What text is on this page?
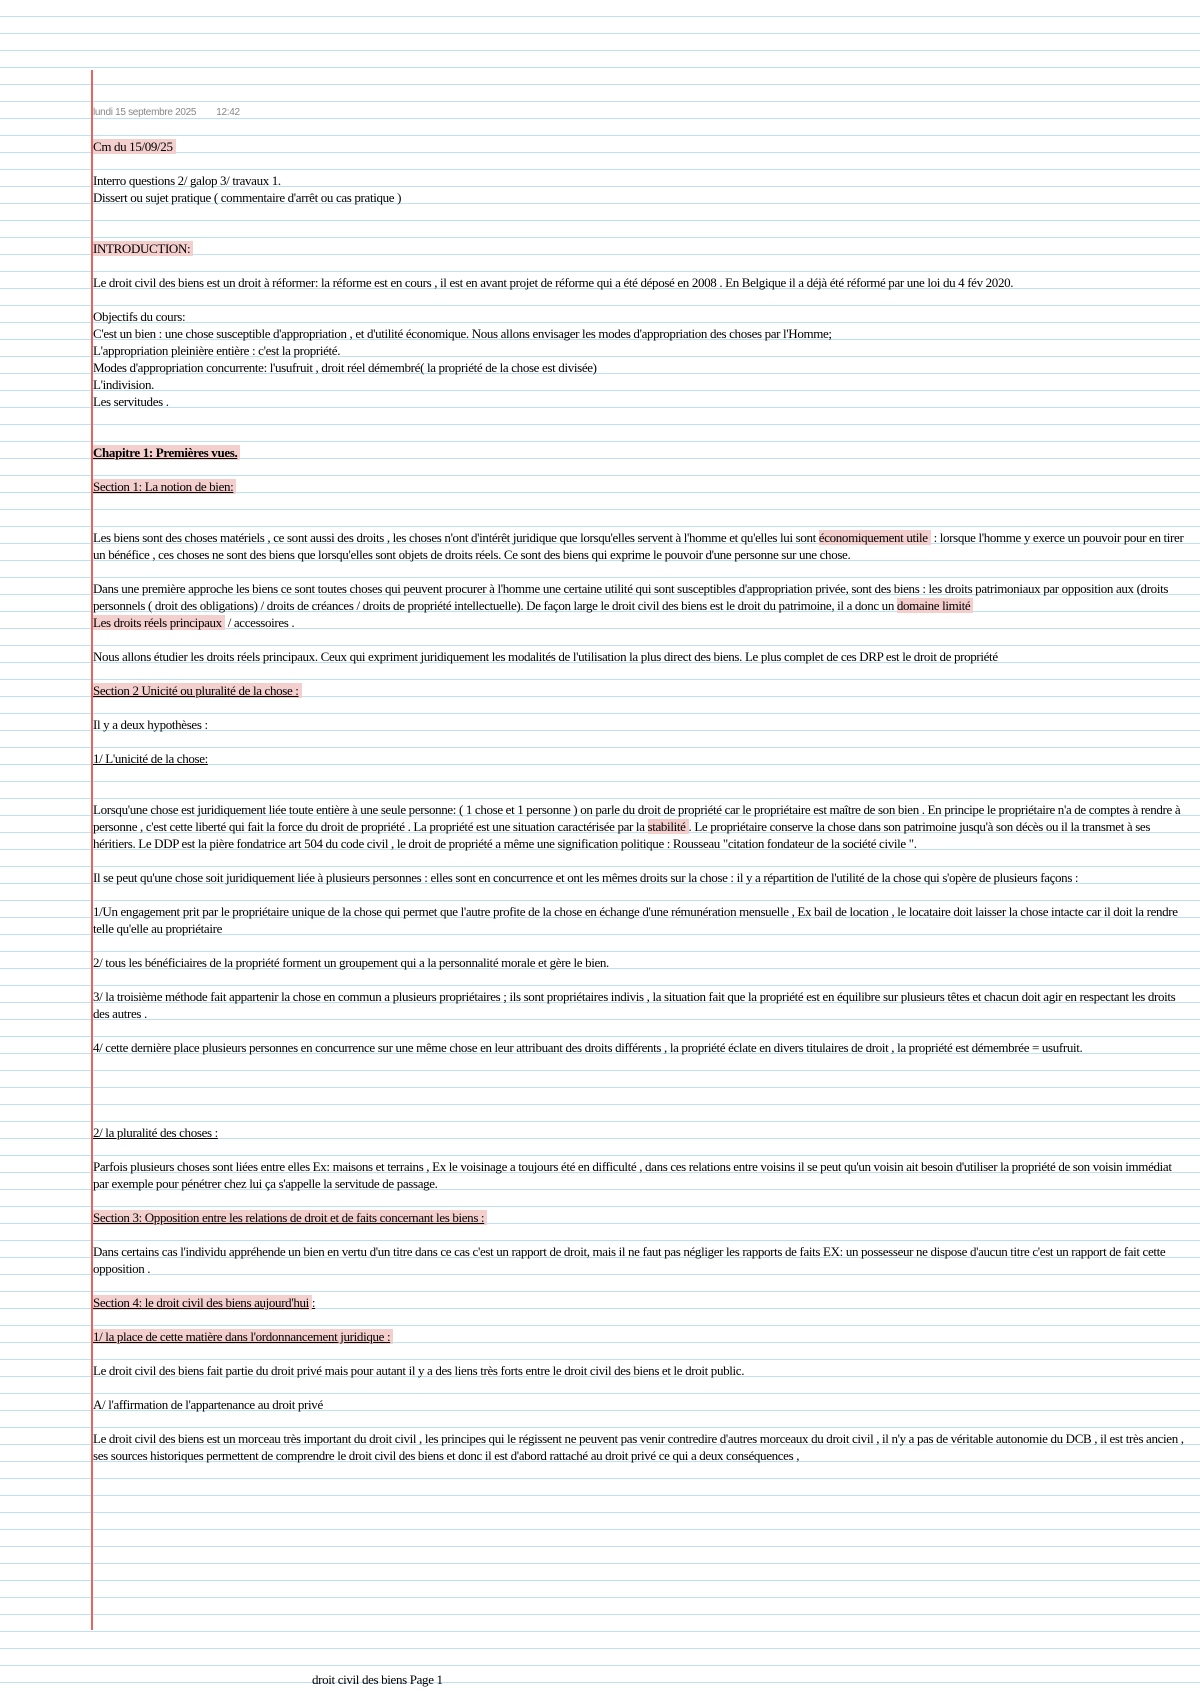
lundi 15 septembre 2025 12:42

Cm du 15/09/25

Interro questions 2/ galop 3/ travaux 1.

Dissert ou sujet pratique ( commentaire d'arrêt ou cas pratique )

INTRODUCTION:

Le droit civil des biens est un droit à réformer: la réforme est en cours , il est en avant projet de réforme qui a été déposé en 2008 . En Belgique il a déjà été réformé par une loi du 4 fév 2020.

Objectifs du cours:

C'est un bien : une chose susceptible d'appropriation , et d'utilité économique. Nous allons envisager les modes d'appropriation des choses par l'Homme;

L'appropriation pleinière entière : c'est la propriété.

Modes d'appropriation concurrente: l'usufruit , droit réel démembré( la propriété de la chose est divisée)

L'indivision.

Les servitudes .

Chapitre 1: Premières vues.

Section 1: La notion de bien:

Les biens sont des choses matériels , ce sont aussi des droits , les choses n'ont d'intérêt juridique que lorsqu'elles servent à l'homme et qu'elles lui sont économiquement utile : lorsque l'homme y exerce un pouvoir pour en tirer un bénéfice , ces choses ne sont des biens que lorsqu'elles sont objets de droits réels. Ce sont des biens qui exprime le pouvoir d'une personne sur une chose.

Dans une première approche les biens ce sont toutes choses qui peuvent procurer à l'homme une certaine utilité qui sont susceptibles d'appropriation privée, sont des biens : les droits patrimoniaux par opposition aux (droits personnels ( droit des obligations) / droits de créances / droits de propriété intellectuelle). De façon large le droit civil des biens est le droit du patrimoine, il a donc un domaine limité

Les droits réels principaux / accessoires .

Nous allons étudier les droits réels principaux. Ceux qui expriment juridiquement les modalités de l'utilisation la plus direct des biens. Le plus complet de ces DRP est le droit de propriété

Section 2 Unicité ou pluralité de la chose :

Il y a deux hypothèses :

1/ L'unicité de la chose:

Lorsqu'une chose est juridiquement liée toute entière à une seule personne: ( 1 chose et 1 personne ) on parle du droit de propriété car le propriétaire est maître de son bien . En principe le propriétaire n'a de comptes à rendre à personne , c'est cette liberté qui fait la force du droit de propriété . La propriété est une situation caractérisée par la stabilité . Le propriétaire conserve la chose dans son patrimoine jusqu'à son décès ou il la transmet à ses héritiers. Le DDP est la pière fondatrice art 504 du code civil , le droit de propriété a même une signification politique : Rousseau "citation fondateur de la société civile ".

Il se peut qu'une chose soit juridiquement liée à plusieurs personnes : elles sont en concurrence et ont les mêmes droits sur la chose : il y a répartition de l'utilité de la chose qui s'opère de plusieurs façons :

1/Un engagement prit par le propriétaire unique de la chose qui permet que l'autre profite de la chose en échange d'une rémunération mensuelle , Ex bail de location , le locataire doit laisser la chose intacte car il doit la rendre telle qu'elle au propriétaire

2/ tous les bénéficiaires de la propriété forment un groupement qui a la personnalité morale et gère le bien.

3/ la troisième méthode fait appartenir la chose en commun a plusieurs propriétaires ; ils sont propriétaires indivis , la situation fait que la propriété est en équilibre sur plusieurs têtes et chacun doit agir en respectant les droits des autres .

4/ cette dernière place plusieurs personnes en concurrence sur une même chose en leur attribuant des droits différents , la propriété éclate en divers titulaires de droit , la propriété est démembrée = usufruit.

2/ la pluralité des choses :

Parfois plusieurs choses sont liées entre elles Ex: maisons et terrains , Ex le voisinage a toujours été en difficulté , dans ces relations entre voisins il se peut qu'un voisin ait besoin d'utiliser la propriété de son voisin immédiat par exemple pour pénétrer chez lui ça s'appelle la servitude de passage.

Section 3: Opposition entre les relations de droit et de faits concernant les biens :

Dans certains cas l'individu appréhende un bien en vertu d'un titre dans ce cas c'est un rapport de droit, mais il ne faut pas négliger les rapports de faits EX: un possesseur ne dispose d'aucun titre c'est un rapport de fait cette opposition .

Section 4: le droit civil des biens aujourd'hui :

1/ la place de cette matière dans l'ordonnancement juridique :

Le droit civil des biens fait partie du droit privé mais pour autant il y a des liens très forts entre le droit civil des biens et le droit public.

A/ l'affirmation de l'appartenance au droit privé

Le droit civil des biens est un morceau très important du droit civil , les principes qui le régissent ne peuvent pas venir contredire d'autres morceaux du droit civil , il n'y a pas de véritable autonomie du DCB , il est très ancien , ses sources historiques permettent de comprendre le droit civil des biens et donc il est d'abord rattaché au droit privé ce qui a deux conséquences ,

droit civil des biens Page 1
